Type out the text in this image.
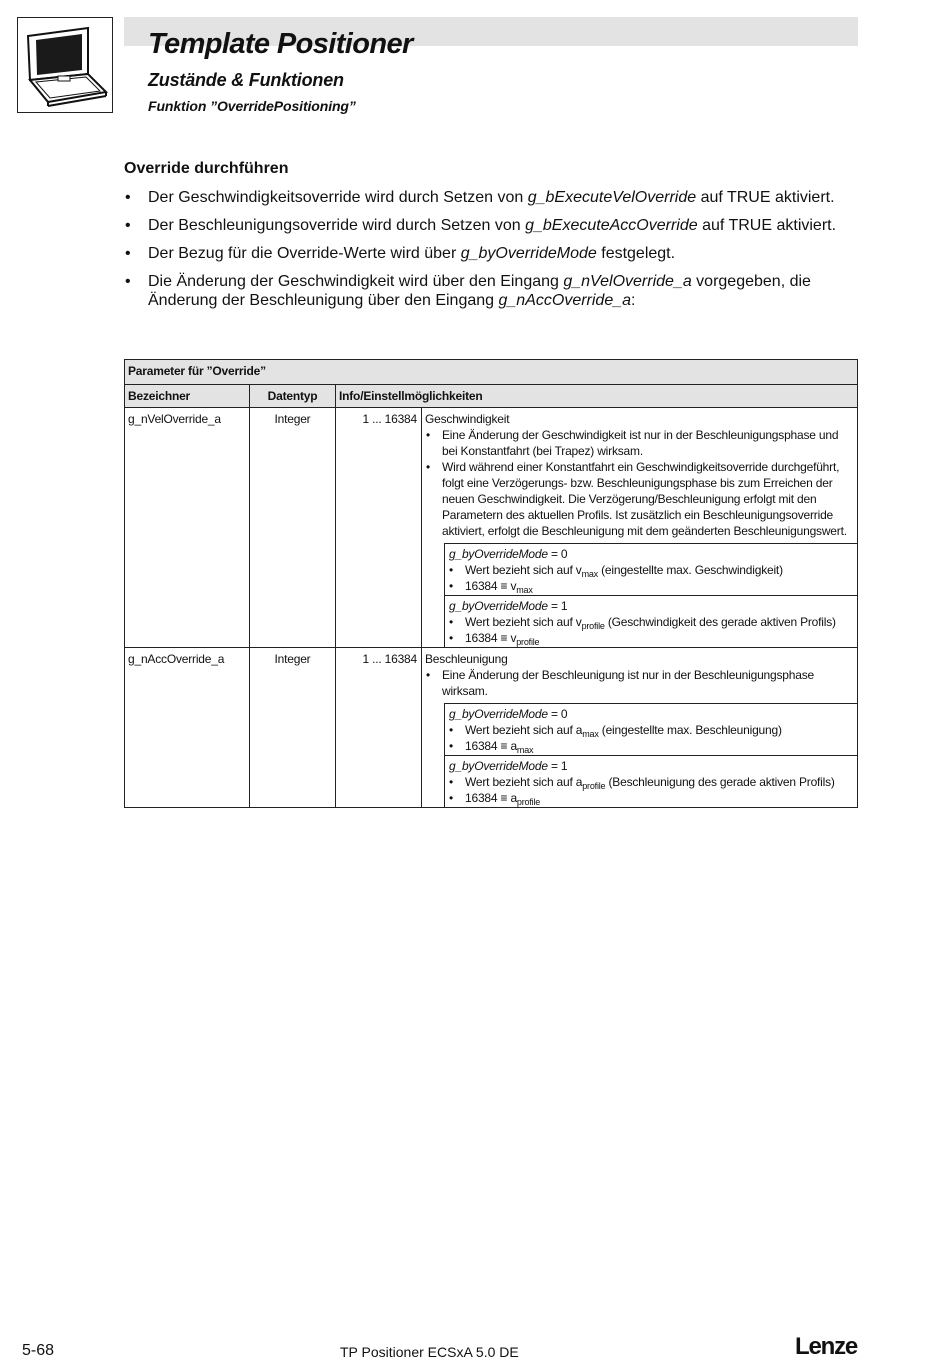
Template Positioner
Zustände & Funktionen
Funktion ”OverridePositioning”
Override durchführen
• Der Geschwindigkeitsoverride wird durch Setzen von g_bExecuteVelOverride auf TRUE aktiviert.
• Der Beschleunigungsoverride wird durch Setzen von g_bExecuteAccOverride auf TRUE aktiviert.
• Der Bezug für die Override-Werte wird über g_byOverrideMode festgelegt.
• Die Änderung der Geschwindigkeit wird über den Eingang g_nVelOverride_a vorgegeben, die Änderung der Beschleunigung über den Eingang g_nAccOverride_a:
Parameter für ”Override”
Bezeichner	Datentyp	Info/Einstellmöglichkeiten
g_nVelOverride_a	Integer	1 ... 16384 Geschwindigkeit
• Eine Änderung der Geschwindigkeit ist nur in der Beschleunigungsphase und bei Konstantfahrt (bei Trapez) wirksam.
• Wird während einer Konstantfahrt ein Geschwindigkeitsoverride durchgeführt, folgt eine Verzögerungs- bzw. Beschleunigungsphase bis zum Erreichen der neuen Geschwindigkeit. Die Verzögerung/Beschleunigung erfolgt mit den Parametern des aktuellen Profils. Ist zusätzlich ein Beschleunigungsoverride aktiviert, erfolgt die Beschleunigung mit dem geänderten Beschleunigungswert.
g_byOverrideMode = 0
• Wert bezieht sich auf $v_{max}$ (eingestellte max. Geschwindigkeit)
• $16384 \equiv v_{max}$
g_byOverrideMode = 1
• Wert bezieht sich auf $v_{profile}$ (Geschwindigkeit des gerade aktiven Profils)
• $16384 \equiv v_{profile}$
g_nAccOverride_a	Integer	1 ... 16384 Beschleunigung
• Eine Änderung der Beschleunigung ist nur in der Beschleunigungsphase wirksam.
g_byOverrideMode = 0
• Wert bezieht sich auf $a_{max}$ (eingestellte max. Beschleunigung)
• $16384 \equiv a_{max}$
g_byOverrideMode = 1
• Wert bezieht sich auf $a_{profile}$ (Beschleunigung des gerade aktiven Profils)
• $16384 \equiv a_{profile}$
5-68	TP Positioner ECSxA 5.0 DE	Lenze
